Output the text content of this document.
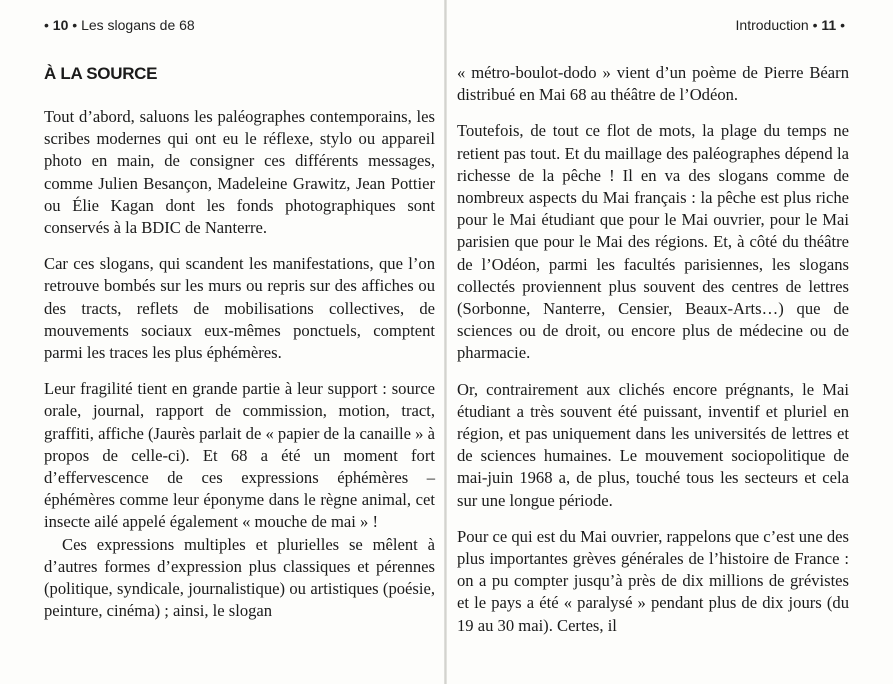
• 10 • Les slogans de 68
À LA SOURCE

Tout d’abord, saluons les paléographes contemporains, les scribes modernes qui ont eu le réflexe, stylo ou appareil photo en main, de consigner ces différents messages, comme Julien Besançon, Madeleine Grawitz, Jean Pottier ou Élie Kagan dont les fonds photographiques sont conservés à la BDIC de Nanterre.

Car ces slogans, qui scandent les manifestations, que l’on retrouve bombés sur les murs ou repris sur des affiches ou des tracts, reflets de mobilisations collectives, de mouvements sociaux eux-mêmes ponctuels, comptent parmi les traces les plus éphémères.

Leur fragilité tient en grande partie à leur support : source orale, journal, rapport de commission, motion, tract, graffiti, affiche (Jaurès parlait de « papier de la canaille » à propos de celle-ci). Et 68 a été un moment fort d’effervescence de ces expressions éphémères – éphémères comme leur éponyme dans le règne animal, cet insecte ailé appelé également « mouche de mai » !

Ces expressions multiples et plurielles se mêlent à d’autres formes d’expression plus classiques et pérennes (politique, syndicale, journalistique) ou artistiques (poésie, peinture, cinéma) ; ainsi, le slogan

Introduction • 11 •

« métro-boulot-dodo » vient d’un poème de Pierre Béarn distribué en Mai 68 au théâtre de l’Odéon.

Toutefois, de tout ce flot de mots, la plage du temps ne retient pas tout. Et du maillage des paléographes dépend la richesse de la pêche ! Il en va des slogans comme de nombreux aspects du Mai français : la pêche est plus riche pour le Mai étudiant que pour le Mai ouvrier, pour le Mai parisien que pour le Mai des régions. Et, à côté du théâtre de l’Odéon, parmi les facultés parisiennes, les slogans collectés proviennent plus souvent des centres de lettres (Sorbonne, Nanterre, Censier, Beaux-Arts…) que de sciences ou de droit, ou encore plus de médecine ou de pharmacie.

Or, contrairement aux clichés encore prégnants, le Mai étudiant a très souvent été puissant, inventif et pluriel en région, et pas uniquement dans les universités de lettres et de sciences humaines. Le mouvement sociopolitique de mai-juin 1968 a, de plus, touché tous les secteurs et cela sur une longue période.

Pour ce qui est du Mai ouvrier, rappelons que c’est une des plus importantes grèves générales de l’histoire de France : on a pu compter jusqu’à près de dix millions de grévistes et le pays a été « paralysé » pendant plus de dix jours (du 19 au 30 mai). Certes, il
